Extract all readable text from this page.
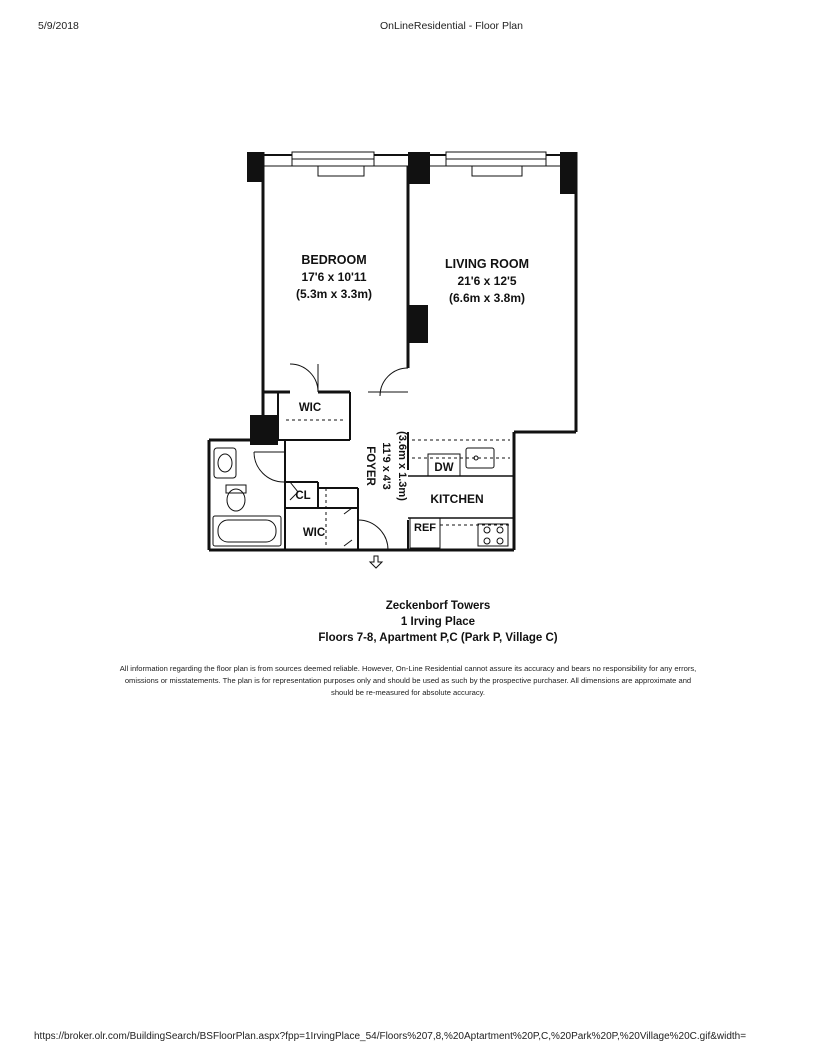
5/9/2018	OnLineResidential - Floor Plan
BEDROOM
17'6 x 10'11
(5.3m x 3.3m)
LIVING ROOM
21'6 x 12'5
(6.6m x 3.8m)
FOYER 11'9 x 4'3 (3.6m x 1.3m) KITCHEN
WIC
WIC
CL
DW
REF
Zeckenborf Towers
1 Irving Place
Floors 7-8, Apartment P,C (Park P, Village C)
All information regarding the floor plan is from sources deemed reliable. However, On-Line Residential cannot assure its accuracy and bears no responsibility for any errors, omissions or misstatements. The plan is for representation purposes only and should be used as such by the prospective purchaser. All dimensions are approximate and should be re-measured for absolute accuracy.
https://broker.olr.com/BuildingSearch/BSFloorPlan.aspx?fpp=1IrvingPlace_54/Floors%207,8,%20Aptartment%20P,C,%20Park%20P,%20Village%20C.gif&width=
